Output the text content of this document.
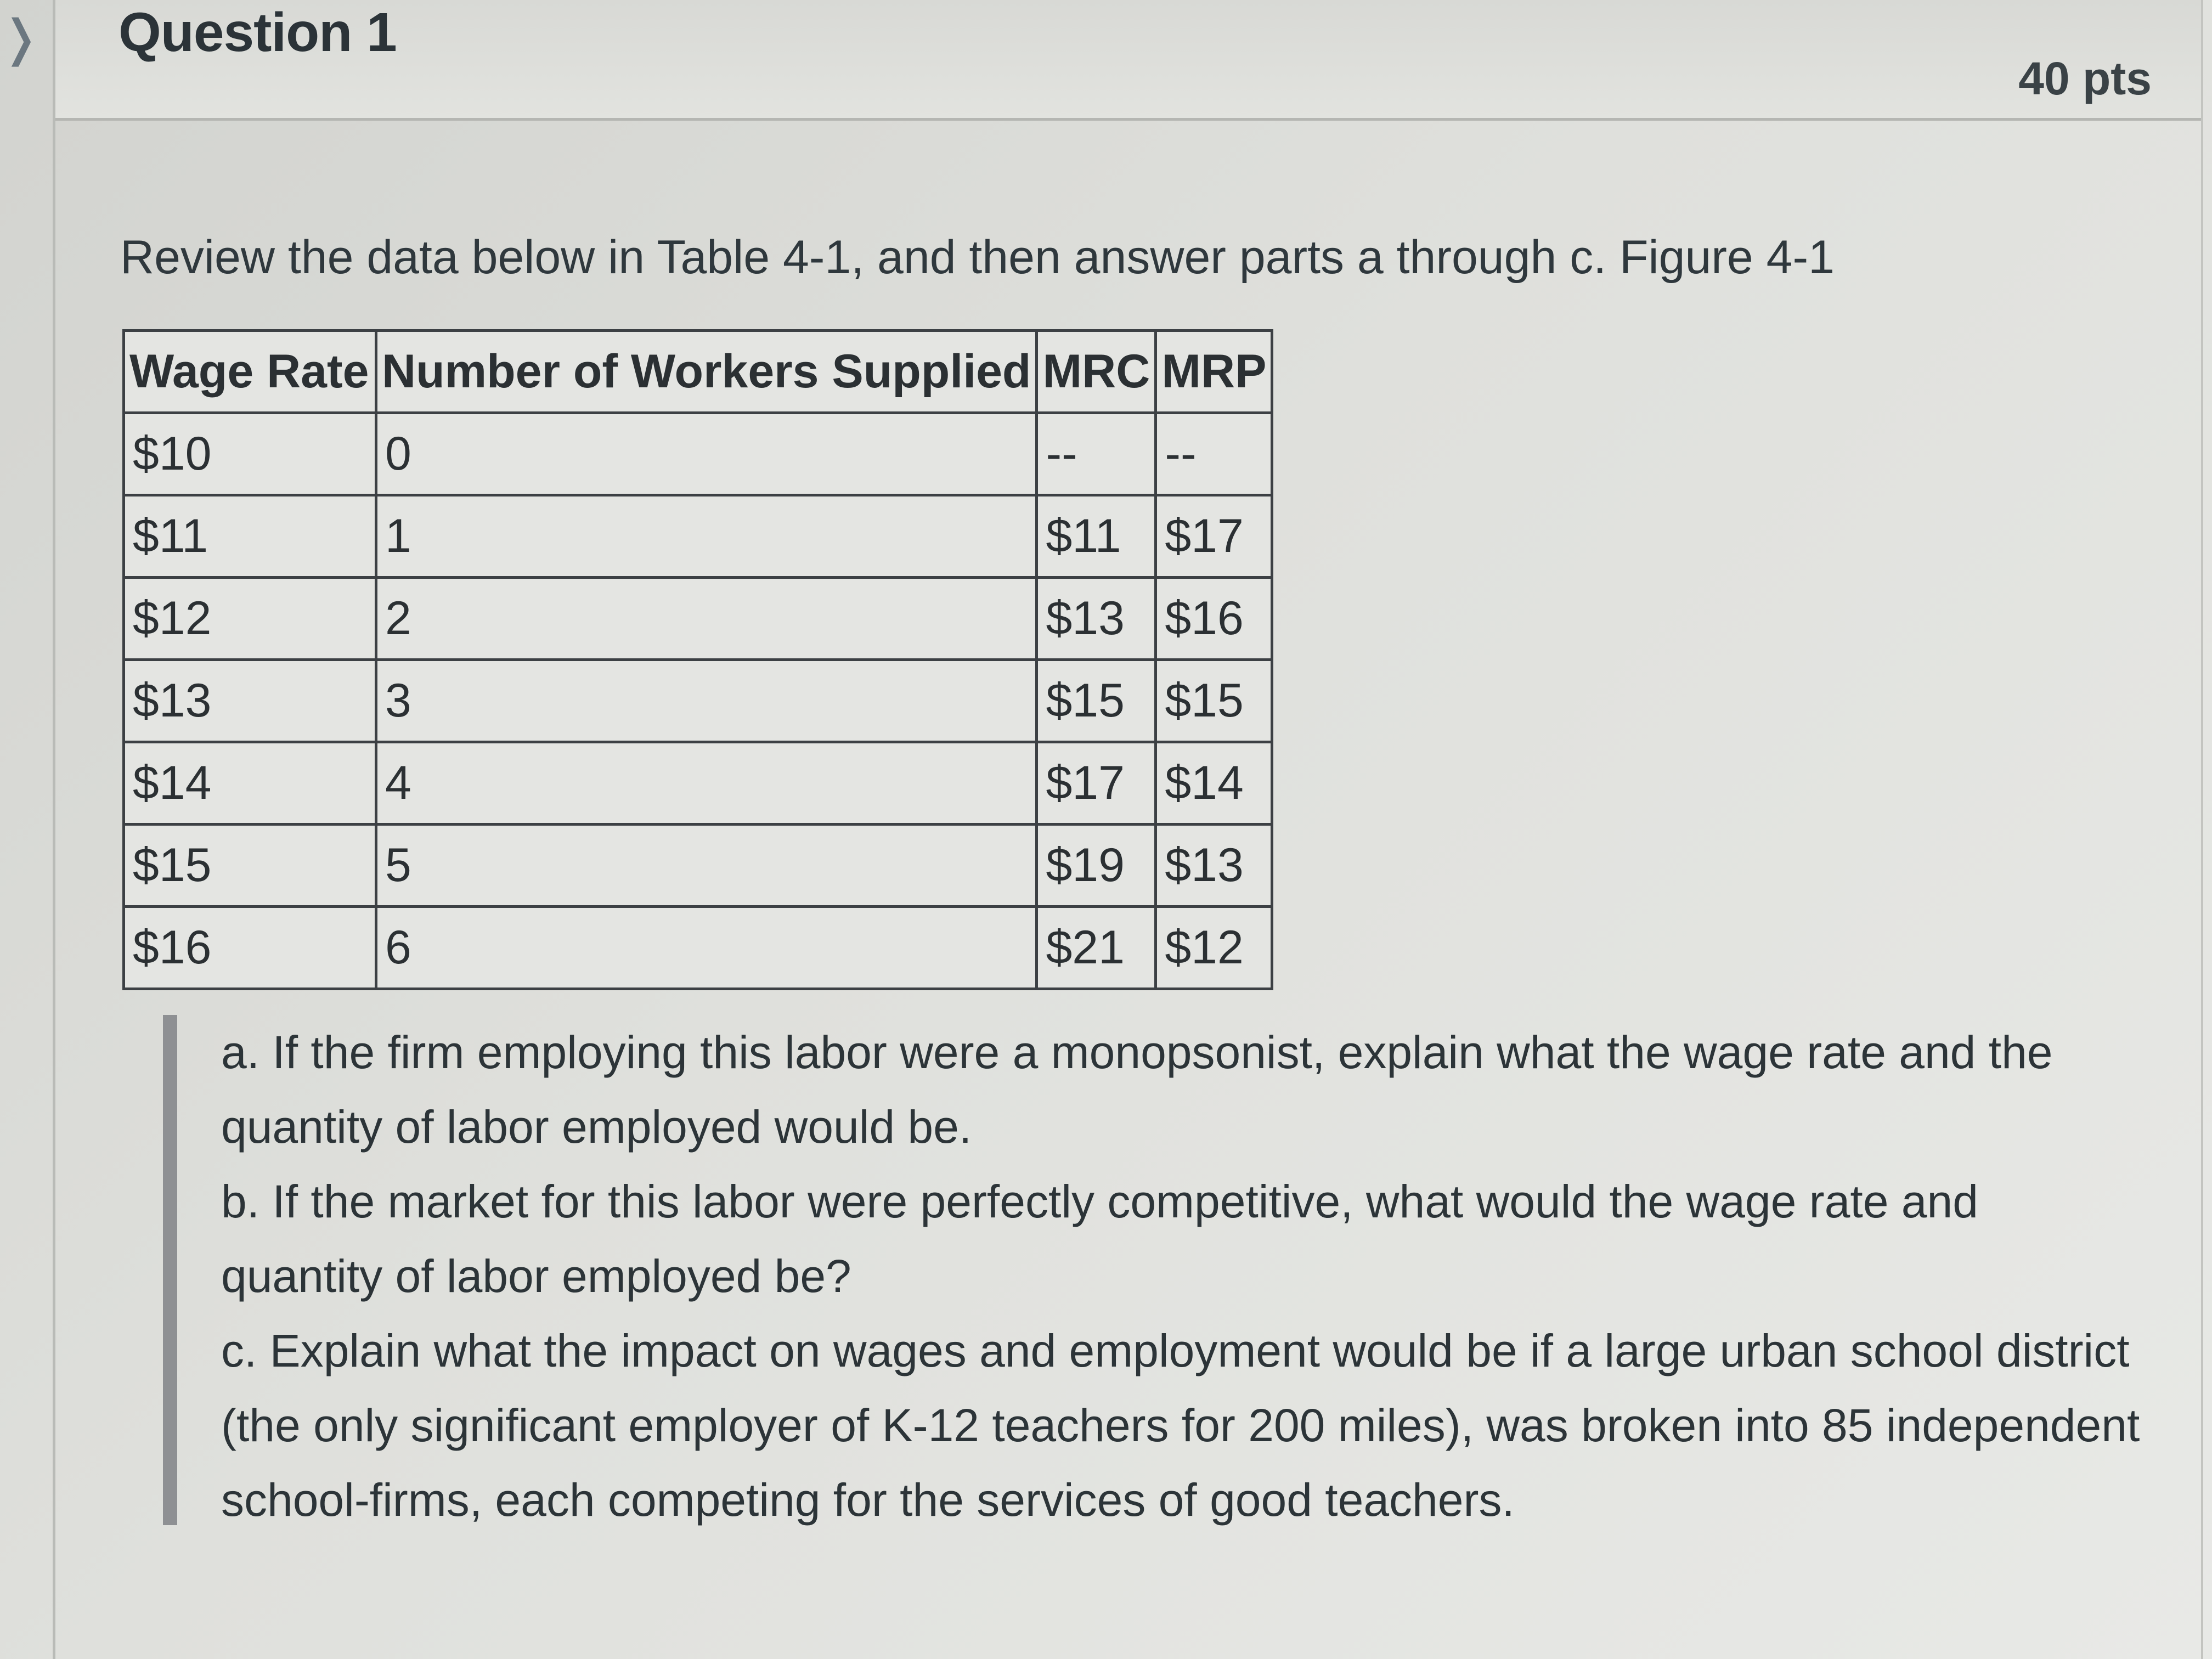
❭ Question 1
40 pts
Review the data below in Table 4-1, and then answer parts a through c. Figure 4-1
Wage Rate	Number of Workers Supplied	MRC	MRP
$10	0	--	--
$11	1	$11	$17
$12	2	$13	$16
$13	3	$15	$15
$14	4	$17	$14
$15	5	$19	$13
$16	6	$21	$12

a. If the firm employing this labor were a monopsonist, explain what the wage rate and the quantity of labor employed would be.

b. If the market for this labor were perfectly competitive, what would the wage rate and quantity of labor employed be?

c. Explain what the impact on wages and employment would be if a large urban school district (the only significant employer of K-12 teachers for 200 miles), was broken into 85 independent school-firms, each competing for the services of good teachers.
